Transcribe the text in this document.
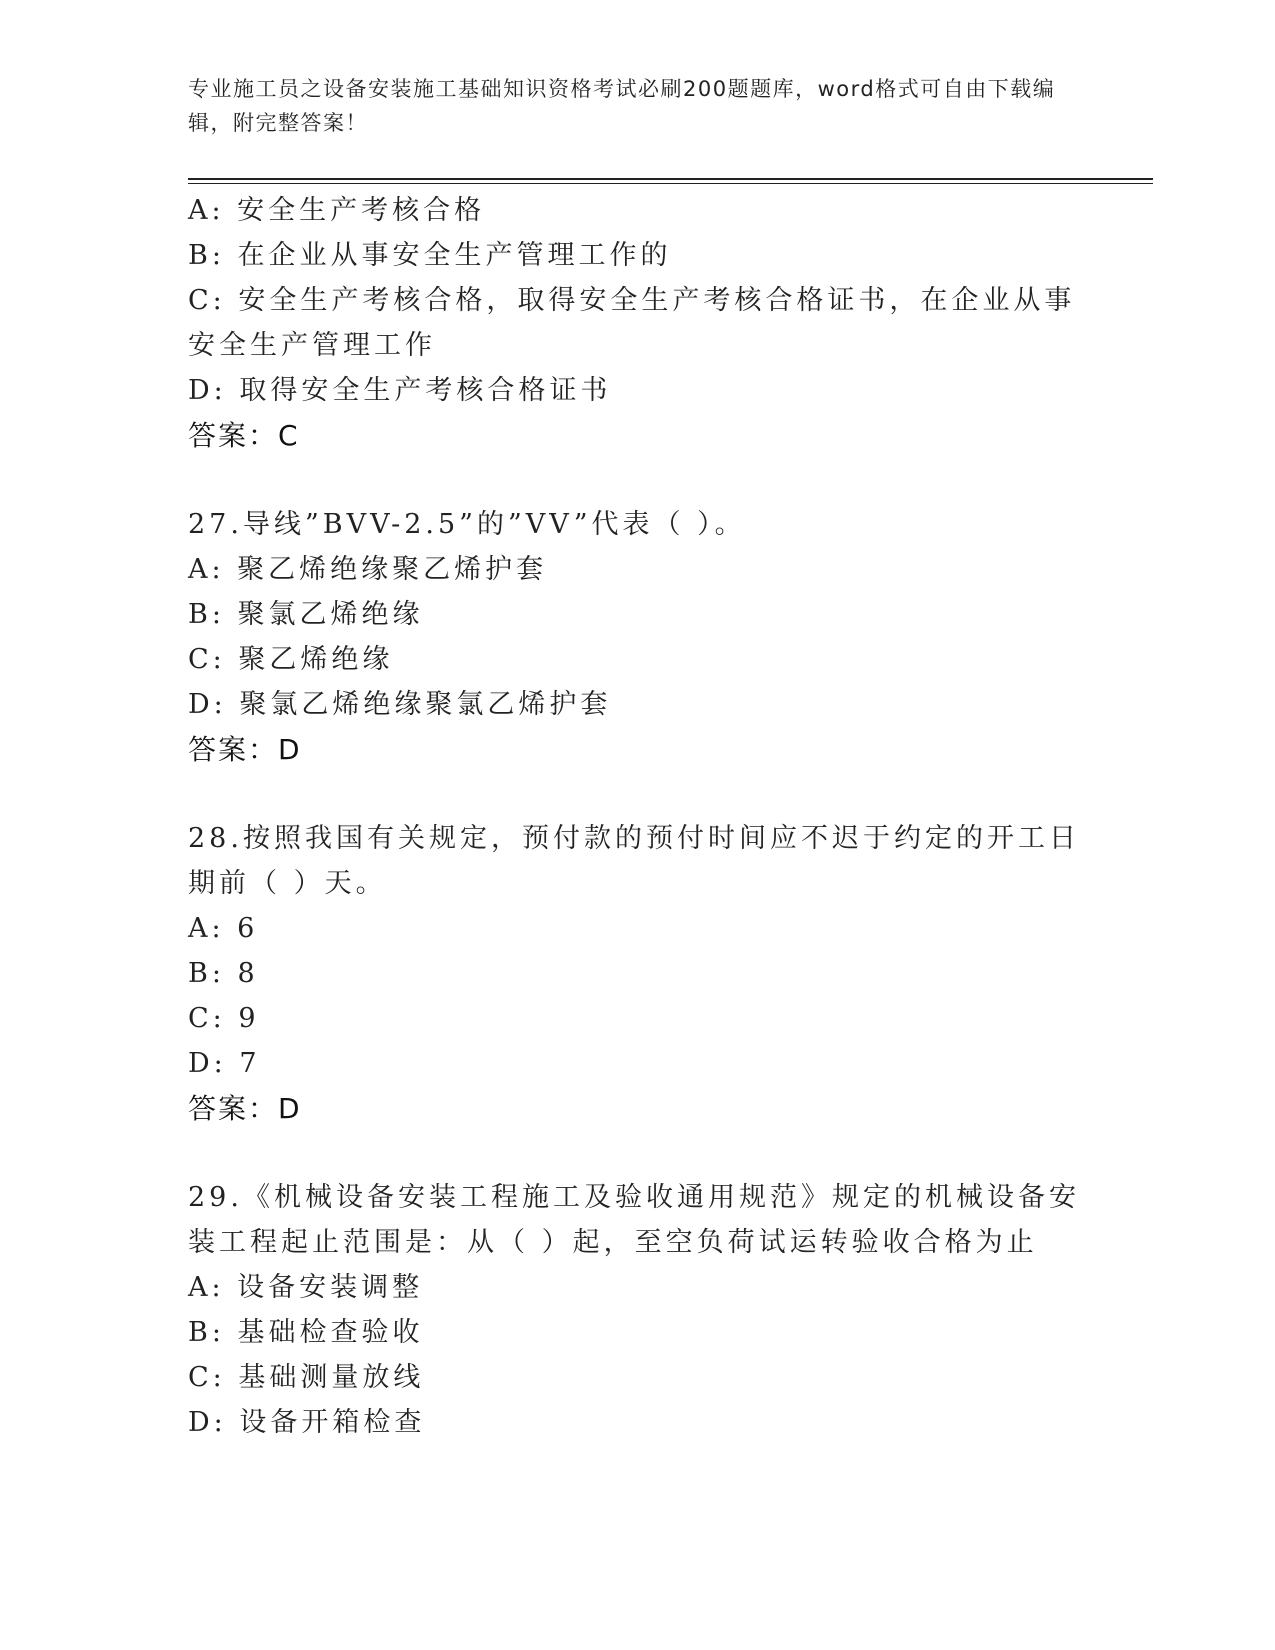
专业施工员之设备安装施工基础知识资格考试必刷200题题库，word格式可自由下载编辑，附完整答案！
A: 安全生产考核合格
B: 在企业从事安全生产管理工作的
C: 安全生产考核合格，取得安全生产考核合格证书，在企业从事安全生产管理工作
D: 取得安全生产考核合格证书
答案：C
27.导线”BVV-2.5”的”VV”代表（ ）。
A: 聚乙烯绝缘聚乙烯护套
B: 聚氯乙烯绝缘
C: 聚乙烯绝缘
D: 聚氯乙烯绝缘聚氯乙烯护套
答案：D
28.按照我国有关规定，预付款的预付时间应不迟于约定的开工日期前（ ）天。
A: 6
B: 8
C: 9
D: 7
答案：D
29.《机械设备安装工程施工及验收通用规范》规定的机械设备安装工程起止范围是：从（ ）起，至空负荷试运转验收合格为止
A: 设备安装调整
B: 基础检查验收
C: 基础测量放线
D: 设备开箱检查
